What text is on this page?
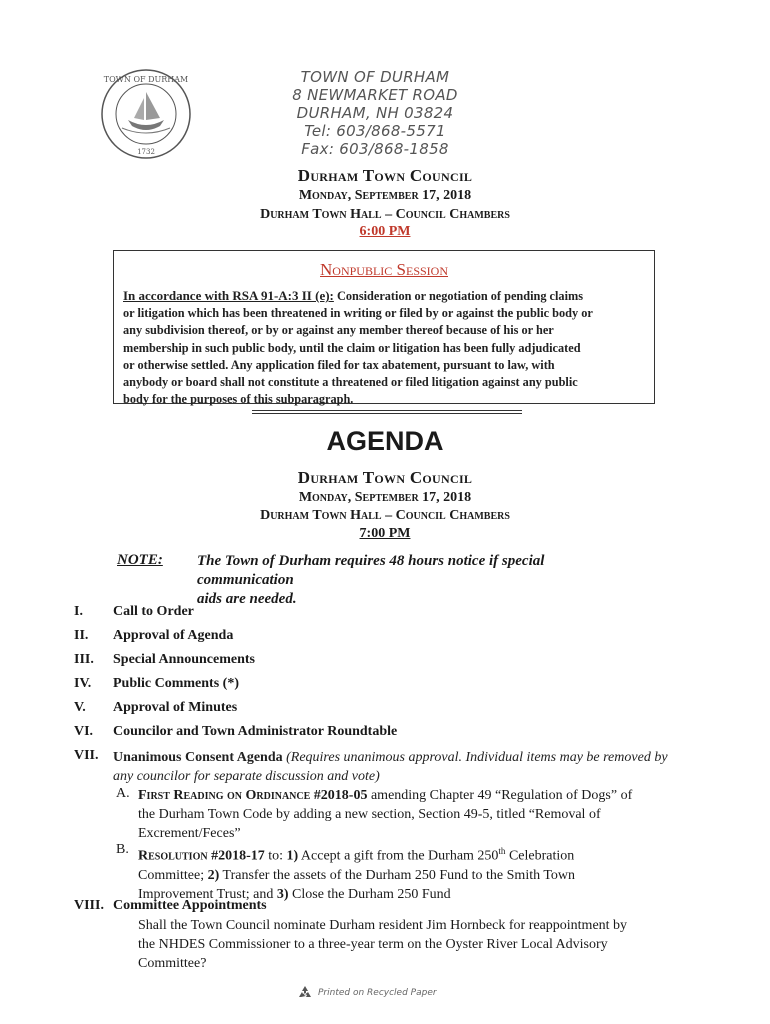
TOWN OF DURHAM
1732
TOWN OF DURHAM
8 NEWMARKET ROAD
DURHAM, NH 03824
Tel: 603/868-5571
Fax: 603/868-1858
Durham Town Council
Monday, September 17, 2018
Durham Town Hall – Council Chambers
6:00 PM
Nonpublic Session
In accordance with RSA 91-A:3 II (e): Consideration or negotiation of pending claims
or litigation which has been threatened in writing or filed by or against the public body or
any subdivision thereof, or by or against any member thereof because of his or her
membership in such public body, until the claim or litigation has been fully adjudicated
or otherwise settled. Any application filed for tax abatement, pursuant to law, with
anybody or board shall not constitute a threatened or filed litigation against any public
body for the purposes of this subparagraph.
AGENDA
Durham Town Council
Monday, September 17, 2018
Durham Town Hall – Council Chambers
7:00 PM
NOTE: The Town of Durham requires 48 hours notice if special communication
aids are needed.
I. Call to Order
II. Approval of Agenda
III. Special Announcements
IV. Public Comments (*)
V. Approval of Minutes
VI. Councilor and Town Administrator Roundtable
VII. Unanimous Consent Agenda (Requires unanimous approval. Individual items may be removed by
any councilor for separate discussion and vote)
A. First Reading on Ordinance #2018-05 amending Chapter 49 “Regulation of Dogs” of
the Durham Town Code by adding a new section, Section 49-5, titled “Removal of
Excrement/Feces”
B. Resolution #2018-17 to: 1) Accept a gift from the Durham 250th Celebration
Committee; 2) Transfer the assets of the Durham 250 Fund to the Smith Town
Improvement Trust; and 3) Close the Durham 250 Fund
VIII. Committee Appointments
Shall the Town Council nominate Durham resident Jim Hornbeck for reappointment by
the NHDES Commissioner to a three-year term on the Oyster River Local Advisory
Committee?
Printed on Recycled Paper
